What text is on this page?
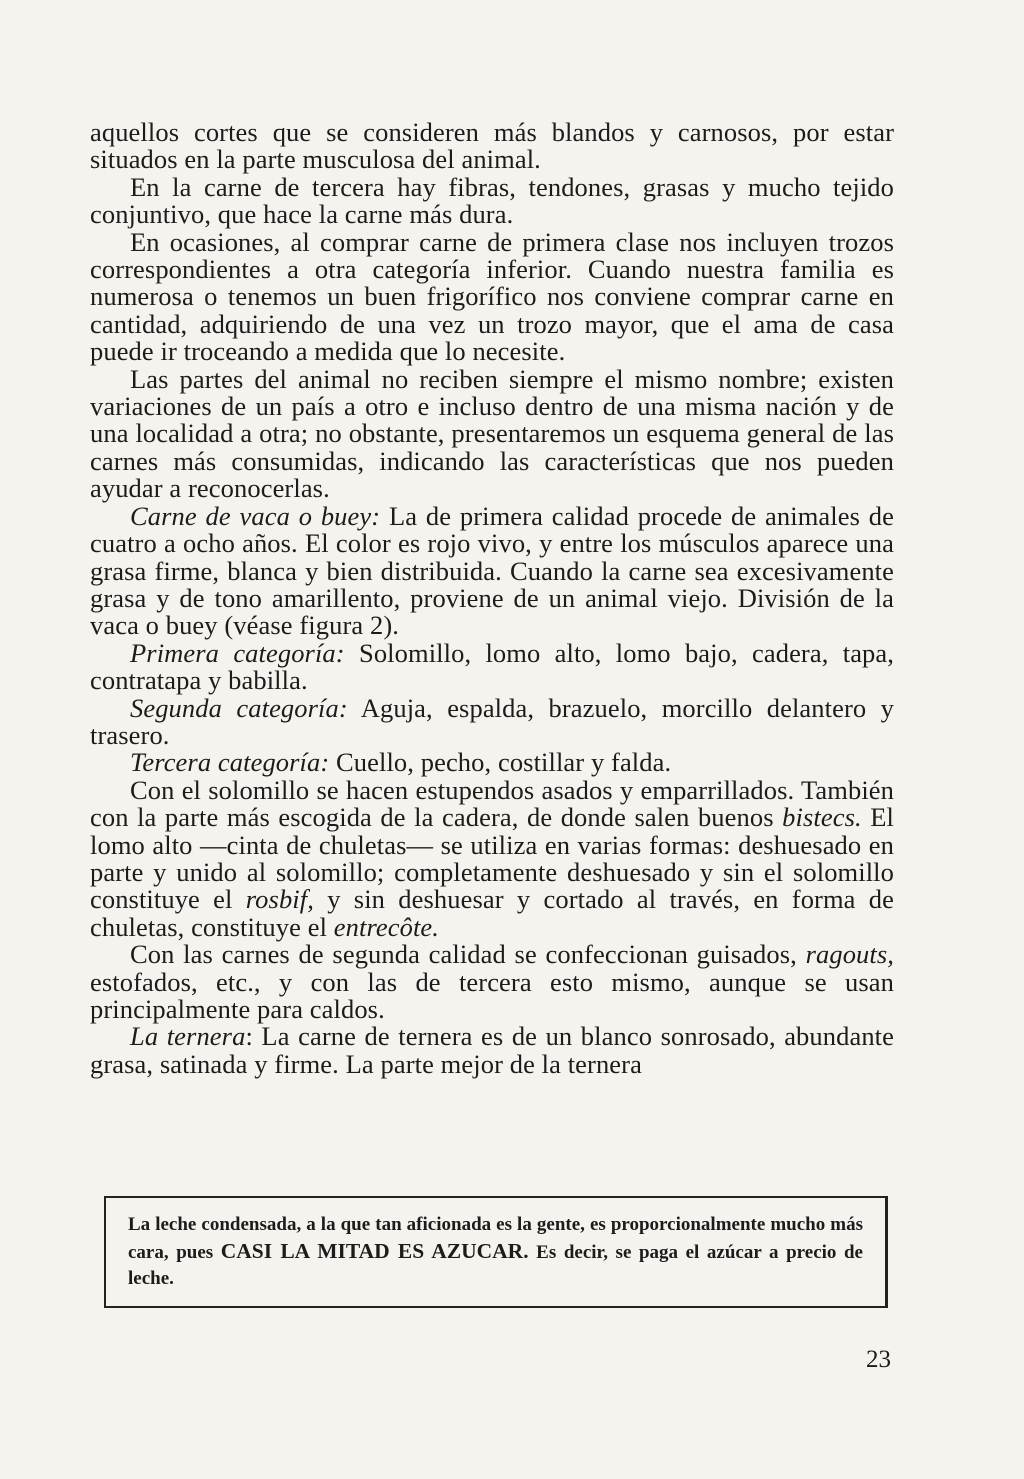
aquellos cortes que se consideren más blandos y carnosos, por estar situados en la parte musculosa del animal.

En la carne de tercera hay fibras, tendones, grasas y mucho tejido conjuntivo, que hace la carne más dura.

En ocasiones, al comprar carne de primera clase nos incluyen trozos correspondientes a otra categoría inferior. Cuando nuestra familia es numerosa o tenemos un buen frigorífico nos conviene comprar carne en cantidad, adquiriendo de una vez un trozo mayor, que el ama de casa puede ir troceando a medida que lo necesite.

Las partes del animal no reciben siempre el mismo nombre; existen variaciones de un país a otro e incluso dentro de una misma nación y de una localidad a otra; no obstante, presentaremos un esquema general de las carnes más consumidas, indicando las características que nos pueden ayudar a reconocerlas.

Carne de vaca o buey: La de primera calidad procede de animales de cuatro a ocho años. El color es rojo vivo, y entre los músculos aparece una grasa firme, blanca y bien distribuida. Cuando la carne sea excesivamente grasa y de tono amarillento, proviene de un animal viejo. División de la vaca o buey (véase figura 2).

Primera categoría: Solomillo, lomo alto, lomo bajo, cadera, tapa, contratapa y babilla.

Segunda categoría: Aguja, espalda, brazuelo, morcillo delantero y trasero.

Tercera categoría: Cuello, pecho, costillar y falda.

Con el solomillo se hacen estupendos asados y emparrillados. También con la parte más escogida de la cadera, de donde salen buenos bistecs. El lomo alto —cinta de chuletas— se utiliza en varias formas: deshuesado en parte y unido al solomillo; completamente deshuesado y sin el solomillo constituye el rosbif, y sin deshuesar y cortado al través, en forma de chuletas, constituye el entrecôte.

Con las carnes de segunda calidad se confeccionan guisados, ragouts, estofados, etc., y con las de tercera esto mismo, aunque se usan principalmente para caldos.

La ternera: La carne de ternera es de un blanco sonrosado, abundante grasa, satinada y firme. La parte mejor de la ternera

La leche condensada, a la que tan aficionada es la gente, es proporcionalmente mucho más cara, pues CASI LA MITAD ES AZUCAR. Es decir, se paga el azúcar a precio de leche.
23
